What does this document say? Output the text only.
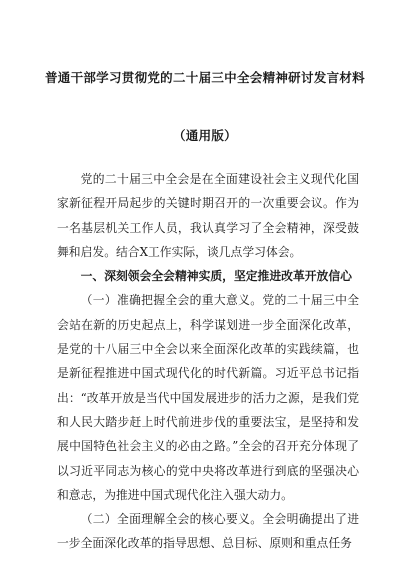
普通干部学习贯彻党的二十届三中全会精神研讨发言材料
（通用版）

党的二十届三中全会是在全面建设社会主义现代化国家新征程开局起步的关键时期召开的一次重要会议。作为一名基层机关工作人员，我认真学习了全会精神，深受鼓舞和启发。结合X工作实际，谈几点学习体会。

一、深刻领会全会精神实质，坚定推进改革开放信心

（一）准确把握全会的重大意义。党的二十届三中全会站在新的历史起点上，科学谋划进一步全面深化改革，是党的十八届三中全会以来全面深化改革的实践续篇，也是新征程推进中国式现代化的时代新篇。习近平总书记指出：“改革开放是当代中国发展进步的活力之源，是我们党和人民大踏步赶上时代前进步伐的重要法宝，是坚持和发展中国特色社会主义的必由之路。”全会的召开充分体现了以习近平同志为核心的党中央将改革进行到底的坚强决心和意志，为推进中国式现代化注入强大动力。

（二）全面理解全会的核心要义。全会明确提出了进一步全面深化改革的指导思想、总目标、原则和重点任务
